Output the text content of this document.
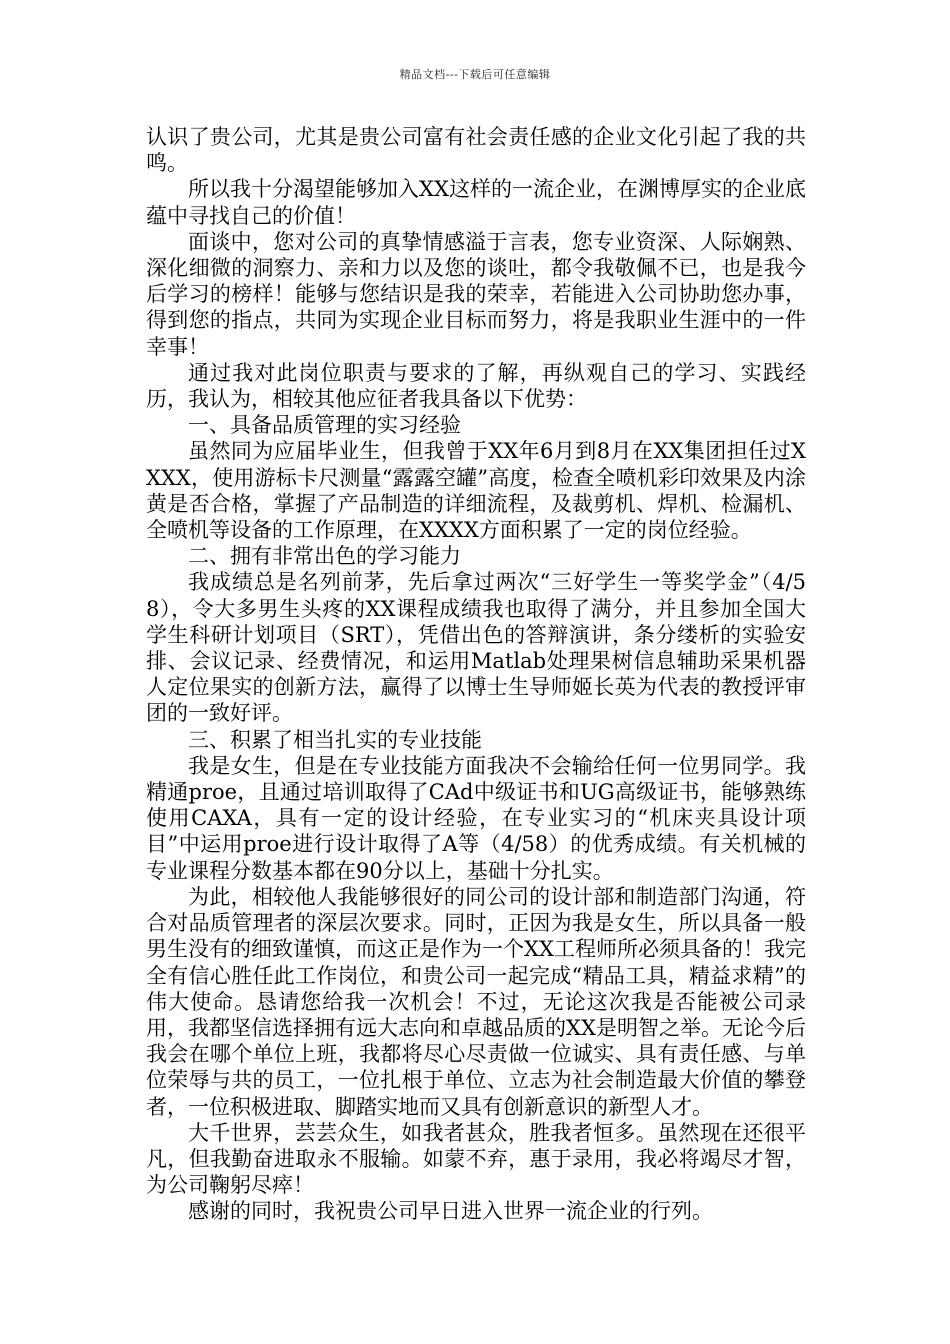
精品文档---下载后可任意编辑

认识了贵公司，尤其是贵公司富有社会责任感的企业文化引起了我的共鸣。

所以我十分渴望能够加入XX这样的一流企业，在渊博厚实的企业底蕴中寻找自己的价值！

面谈中，您对公司的真挚情感溢于言表，您专业资深、人际娴熟、深化细微的洞察力、亲和力以及您的谈吐，都令我敬佩不已，也是我今后学习的榜样！能够与您结识是我的荣幸，若能进入公司协助您办事，得到您的指点，共同为实现企业目标而努力，将是我职业生涯中的一件幸事！

通过我对此岗位职责与要求的了解，再纵观自己的学习、实践经历，我认为，相较其他应征者我具备以下优势：

一、具备品质管理的实习经验

虽然同为应届毕业生，但我曾于XX年6月到8月在XX集团担任过XXXX，使用游标卡尺测量“露露空罐”高度，检查全喷机彩印效果及内涂黄是否合格，掌握了产品制造的详细流程，及裁剪机、焊机、检漏机、全喷机等设备的工作原理，在XXXX方面积累了一定的岗位经验。

二、拥有非常出色的学习能力

我成绩总是名列前茅，先后拿过两次“三好学生一等奖学金”（4/58），令大多男生头疼的XX课程成绩我也取得了满分，并且参加全国大学生科研计划项目（SRT），凭借出色的答辩演讲，条分缕析的实验安排、会议记录、经费情况，和运用Matlab处理果树信息辅助采果机器人定位果实的创新方法，赢得了以博士生导师姬长英为代表的教授评审团的一致好评。

三、积累了相当扎实的专业技能

我是女生，但是在专业技能方面我决不会输给任何一位男同学。我精通proe，且通过培训取得了CAd中级证书和UG高级证书，能够熟练使用CAXA，具有一定的设计经验，在专业实习的“机床夹具设计项目”中运用proe进行设计取得了A等（4/58）的优秀成绩。有关机械的专业课程分数基本都在90分以上，基础十分扎实。

为此，相较他人我能够很好的同公司的设计部和制造部门沟通，符合对品质管理者的深层次要求。同时，正因为我是女生，所以具备一般男生没有的细致谨慎，而这正是作为一个XX工程师所必须具备的！我完全有信心胜任此工作岗位，和贵公司一起完成“精品工具，精益求精”的伟大使命。恳请您给我一次机会！不过，无论这次我是否能被公司录用，我都坚信选择拥有远大志向和卓越品质的XX是明智之举。无论今后我会在哪个单位上班，我都将尽心尽责做一位诚实、具有责任感、与单位荣辱与共的员工，一位扎根于单位、立志为社会制造最大价值的攀登者，一位积极进取、脚踏实地而又具有创新意识的新型人才。

大千世界，芸芸众生，如我者甚众，胜我者恒多。虽然现在还很平凡，但我勤奋进取永不服输。如蒙不弃，惠于录用，我必将竭尽才智，为公司鞠躬尽瘁！

感谢的同时，我祝贵公司早日进入世界一流企业的行列。
